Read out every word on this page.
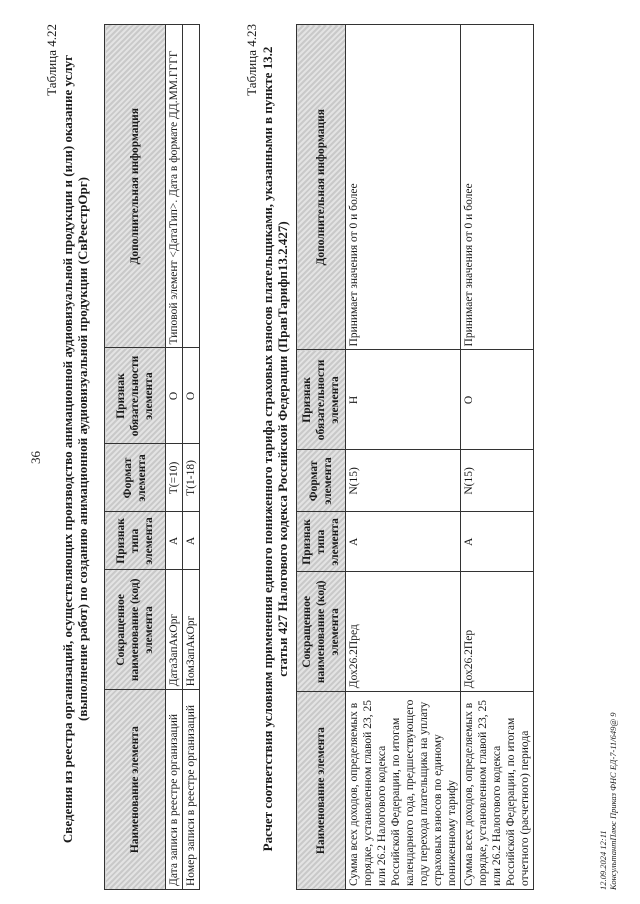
36
Таблица 4.22 Сведения из реестра организаций, осуществляющих производство анимационной аудиовизуальной продукции и (или) оказание услуг (выполнение работ) по созданию анимационной аудиовизуальной продукции (СвРеестрОрг)
Наименование элемента	Сокращенное наименование (код) элемента	Признак типа элемента	Формат элемента	Признак обязательности элемента	Дополнительная информация
Дата записи в реестре организаций	ДатаЗапАкОрг	А	T(=10)	О	Типовой элемент <ДатаТип>. Дата в формате ДД.ММ.ГГГГ
Номер записи в реестре организаций	НомЗапАкОрг	А	T(1-18)	О	
Таблица 4.23 Расчет соответствия условиям применения единого пониженного тарифа страховых взносов плательщиками, указанными в пункте 13.2 статьи 427 Налогового кодекса Российской Федерации (ПравТарифп13.2.427)
Наименование элемента	Сокращенное наименование (код) элемента	Признак типа элемента	Формат элемента	Признак обязательности элемента	Дополнительная информация
Сумма всех доходов, определяемых в порядке, установленном главой 23, 25 или 26.2 Налогового кодекса Российской Федерации, по итогам календарного года, предшествующего году перехода плательщика на уплату страховых взносов по единому пониженному тарифу	Дох26.2Пред	А	N(15)	Н	Принимает значения от 0 и более
Сумма всех доходов, определяемых в порядке, установленном главой 23, 25 или 26.2 Налогового кодекса Российской Федерации, по итогам отчетного (расчетного) периода	Дох26.2Пер	А	N(15)	О	Принимает значения от 0 и более
12.09.2024 12:11 КонсультантПлюс Приказ ФНС ЕД-7-11/649@ 9
